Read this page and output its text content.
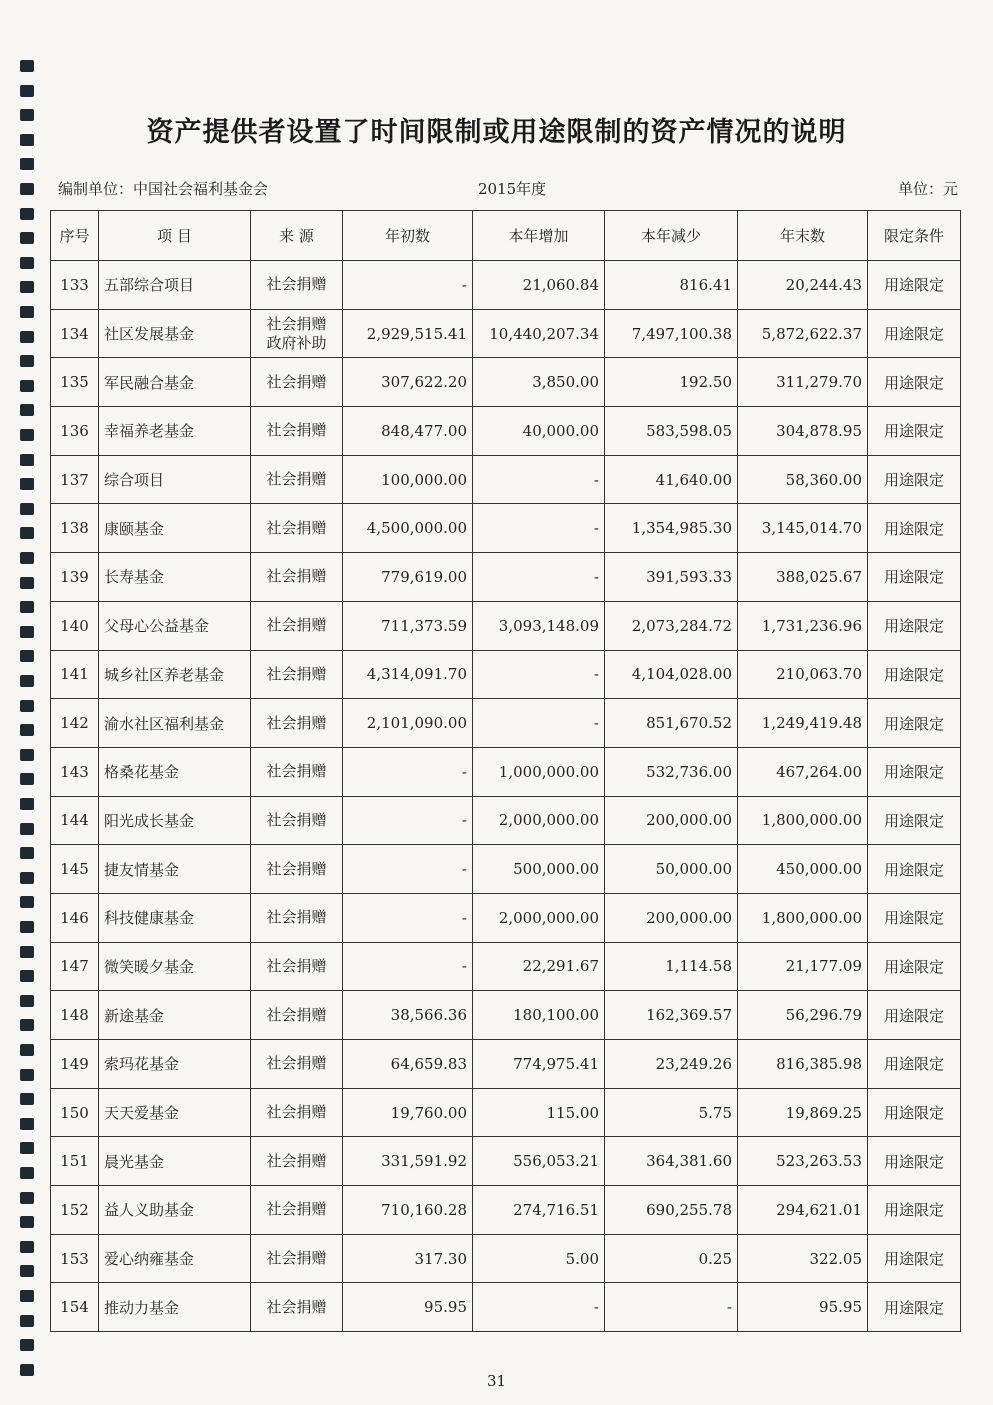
资产提供者设置了时间限制或用途限制的资产情况的说明
编制单位：中国社会福利基金会	2015年度	单位：元
序号	项 目	来 源	年初数	本年增加	本年减少	年末数	限定条件
133	五部综合项目	社会捐赠	-	21,060.84	816.41	20,244.43	用途限定
134	社区发展基金	社会捐赠
政府补助	2,929,515.41	10,440,207.34	7,497,100.38	5,872,622.37	用途限定
135	军民融合基金	社会捐赠	307,622.20	3,850.00	192.50	311,279.70	用途限定
136	幸福养老基金	社会捐赠	848,477.00	40,000.00	583,598.05	304,878.95	用途限定
137	综合项目	社会捐赠	100,000.00	-	41,640.00	58,360.00	用途限定
138	康颐基金	社会捐赠	4,500,000.00	-	1,354,985.30	3,145,014.70	用途限定
139	长寿基金	社会捐赠	779,619.00	-	391,593.33	388,025.67	用途限定
140	父母心公益基金	社会捐赠	711,373.59	3,093,148.09	2,073,284.72	1,731,236.96	用途限定
141	城乡社区养老基金	社会捐赠	4,314,091.70	-	4,104,028.00	210,063.70	用途限定
142	渝水社区福利基金	社会捐赠	2,101,090.00	-	851,670.52	1,249,419.48	用途限定
143	格桑花基金	社会捐赠	-	1,000,000.00	532,736.00	467,264.00	用途限定
144	阳光成长基金	社会捐赠	-	2,000,000.00	200,000.00	1,800,000.00	用途限定
145	捷友情基金	社会捐赠	-	500,000.00	50,000.00	450,000.00	用途限定
146	科技健康基金	社会捐赠	-	2,000,000.00	200,000.00	1,800,000.00	用途限定
147	微笑暖夕基金	社会捐赠	-	22,291.67	1,114.58	21,177.09	用途限定
148	新途基金	社会捐赠	38,566.36	180,100.00	162,369.57	56,296.79	用途限定
149	索玛花基金	社会捐赠	64,659.83	774,975.41	23,249.26	816,385.98	用途限定
150	天天爱基金	社会捐赠	19,760.00	115.00	5.75	19,869.25	用途限定
151	晨光基金	社会捐赠	331,591.92	556,053.21	364,381.60	523,263.53	用途限定
152	益人义助基金	社会捐赠	710,160.28	274,716.51	690,255.78	294,621.01	用途限定
153	爱心纳雍基金	社会捐赠	317.30	5.00	0.25	322.05	用途限定
154	推动力基金	社会捐赠	95.95	-	-	95.95	用途限定
31
